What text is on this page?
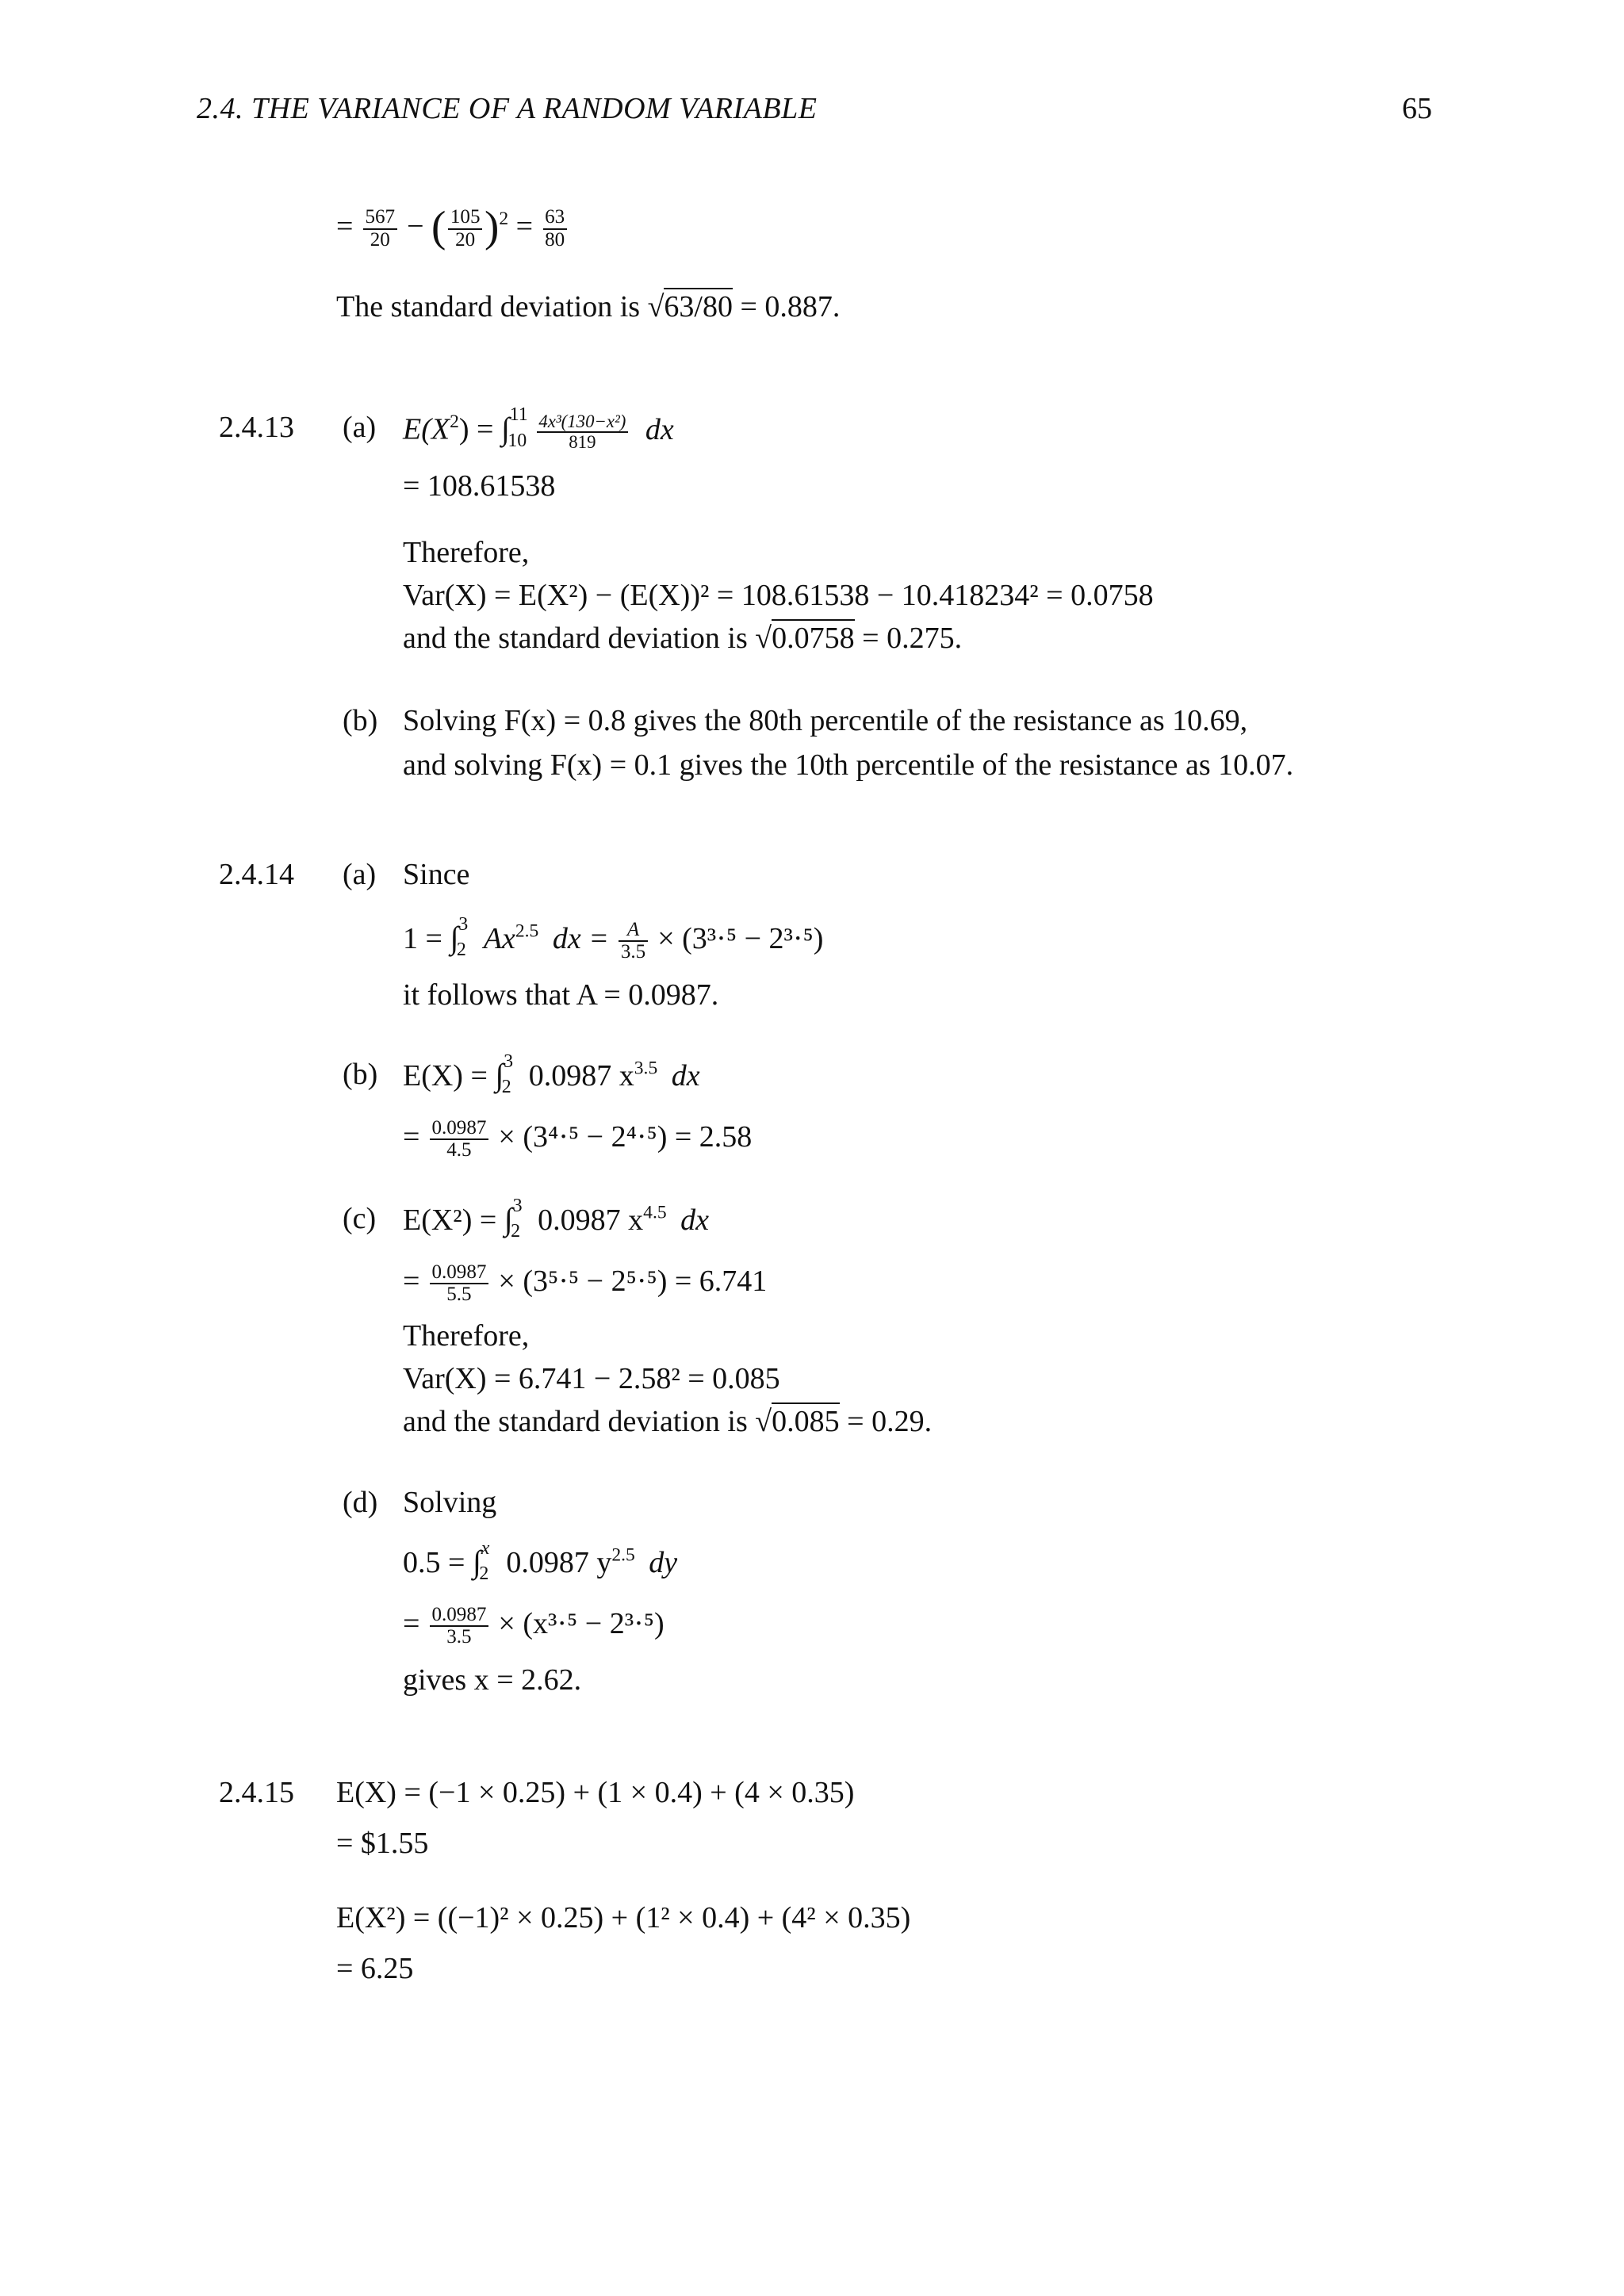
2.4. THE VARIANCE OF A RANDOM VARIABLE	65
= $\frac{567}{20}$ − ( $\frac{105}{20} )^2 = \frac{63}{80}$
The standard deviation is √63/80 = 0.887.
2.4.13 (a) $E(X^2)$ = ∫ 11
10
$\frac{\text{4x³(130−x²)}}{819}$ dx
= 108.61538
Therefore,
Var(X) = E(X²) − (E(X))² = 108.61538 − 10.418234² = 0.0758
and the standard deviation is √0.0758 = 0.275.
(b) Solving F(x) = 0.8 gives the 80th percentile of the resistance as 10.69,
and solving F(x) = 0.1 gives the 10th percentile of the resistance as 10.07.
2.4.14 (a) Since
1 = ∫ 3
2 $Ax^{2.5}$ dx = $\frac{A}{3.5} \times (3^3\cdot^5 - 2^3\cdot^5)$
it follows that A = 0.0987.
(b) E(X) = ∫ 3
2 0.0987 $x^{3.5}$ dx
= $\frac{0.0987}{4.5} \times (3^4\cdot^5 - 2^4\cdot^5) = 2.58$
(c) E(X²) = ∫ 3
2 0.0987 $x^{4.5}$ dx
= $\frac{0.0987}{5.5} \times (3^5\cdot^5 - 2^5\cdot^5) = 6.741$
Therefore,
Var(X) = 6.741 − 2.58² = 0.085
and the standard deviation is √0.085 = 0.29.
(d) Solving
0.5 = ∫ x
2 0.0987 $y^{2.5}$ dy
= $\frac{0.0987}{3.5} \times (x^3\cdot^5 - 2^3\cdot^5)$
gives x = 2.62.
2.4.15 E(X) = (−1 × 0.25) + (1 × 0.4) + (4 × 0.35)
= $1.55
E(X²) = ((−1)² × 0.25) + (1² × 0.4) + (4² × 0.35)
= 6.25
